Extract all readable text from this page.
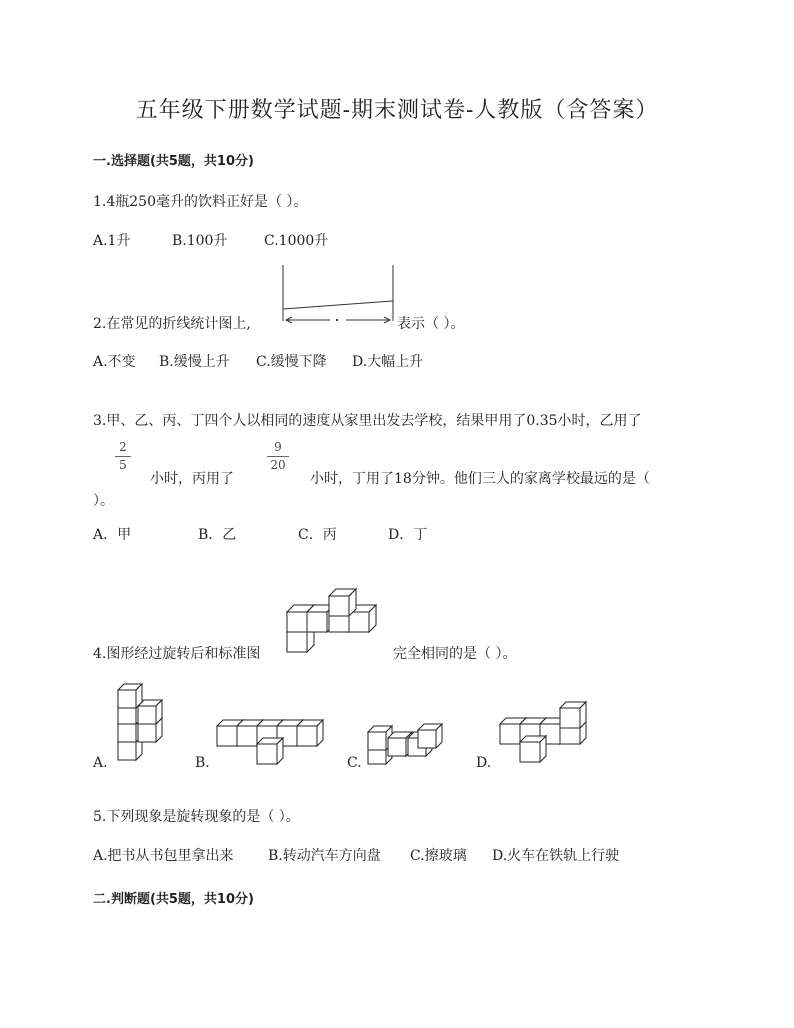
五年级下册数学试题-期末测试卷-人教版（含答案）
一.选择题(共5题，共10分)
1.4瓶250毫升的饮料正好是（ ）。
A.1升	B.100升	C.1000升
2.在常见的折线统计图上,	表示（ ）。
A.不变 B.缓慢上升 C.缓慢下降 D.大幅上升
3.甲、乙、丙、丁四个人以相同的速度从家里出发去学校，结果甲用了0.35小时，乙用了
2
5
小时，丙用了
9
20
小时，丁用了18分钟。他们三人的家离学校最远的是（
）。
A．甲	B．乙	C．丙	D．丁
4.图形经过旋转后和标准图	完全相同的是（ ）。
A.	B.	C.	D.
5.下列现象是旋转现象的是（ ）。
A.把书从书包里拿出来 B.转动汽车方向盘 C.擦玻璃 D.火车在铁轨上行驶
二.判断题(共5题，共10分)
